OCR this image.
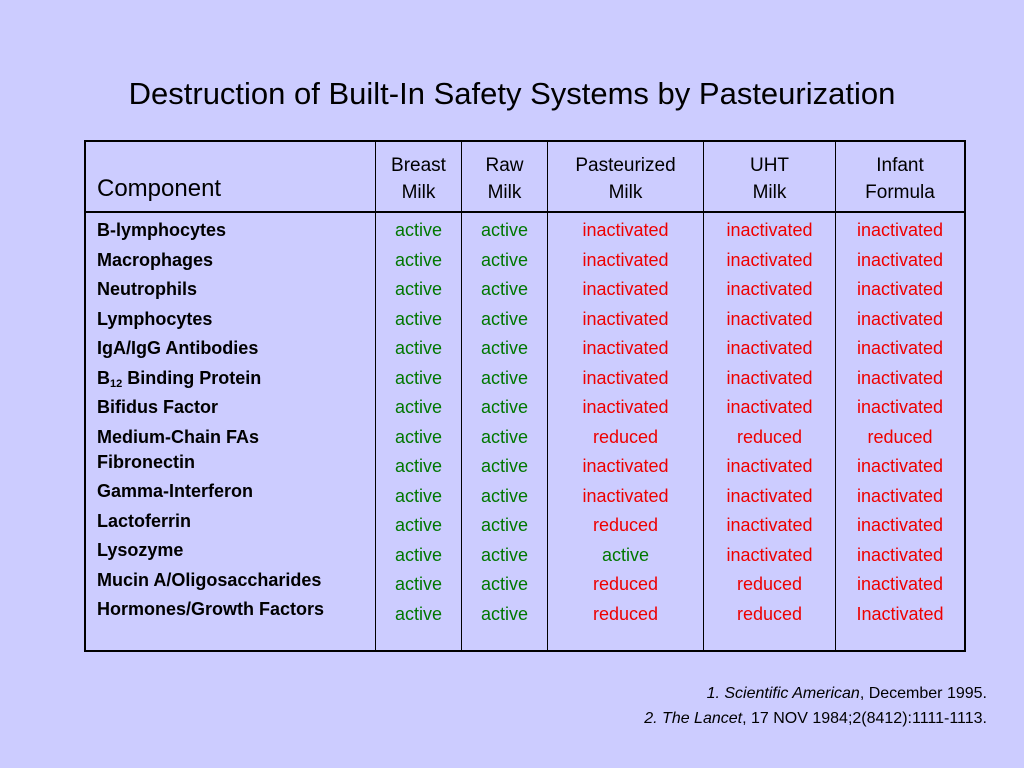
Destruction of Built-In Safety Systems by Pasteurization
Component
Breast
Milk
Raw
Milk
Pasteurized
Milk
UHT
Milk
Infant
Formula
B-lymphocytes
Macrophages
Neutrophils
Lymphocytes
IgA/IgG Antibodies
$B_{12}$ Binding Protein
Bifidus Factor
Medium-Chain FAs
Fibronectin
Gamma-Interferon
Lactoferrin
Lysozyme
Mucin A/Oligosaccharides
Hormones/Growth Factors
active
active
active
active
active
active
active
active
active
active
active
active
active
active
active
active
active
active
active
active
active
active
active
active
active
active
active
active
inactivated
inactivated
inactivated
inactivated
inactivated
inactivated
inactivated
reduced
inactivated
inactivated
reduced
active
reduced
reduced
inactivated
inactivated
inactivated
inactivated
inactivated
inactivated
inactivated
reduced
inactivated
inactivated
inactivated
inactivated
reduced
reduced
inactivated
inactivated
inactivated
inactivated
inactivated
inactivated
inactivated
reduced
inactivated
inactivated
inactivated
inactivated
inactivated
Inactivated
1. Scientific American, December 1995.
2. The Lancet, 17 NOV 1984;2(8412):1111-1113.
